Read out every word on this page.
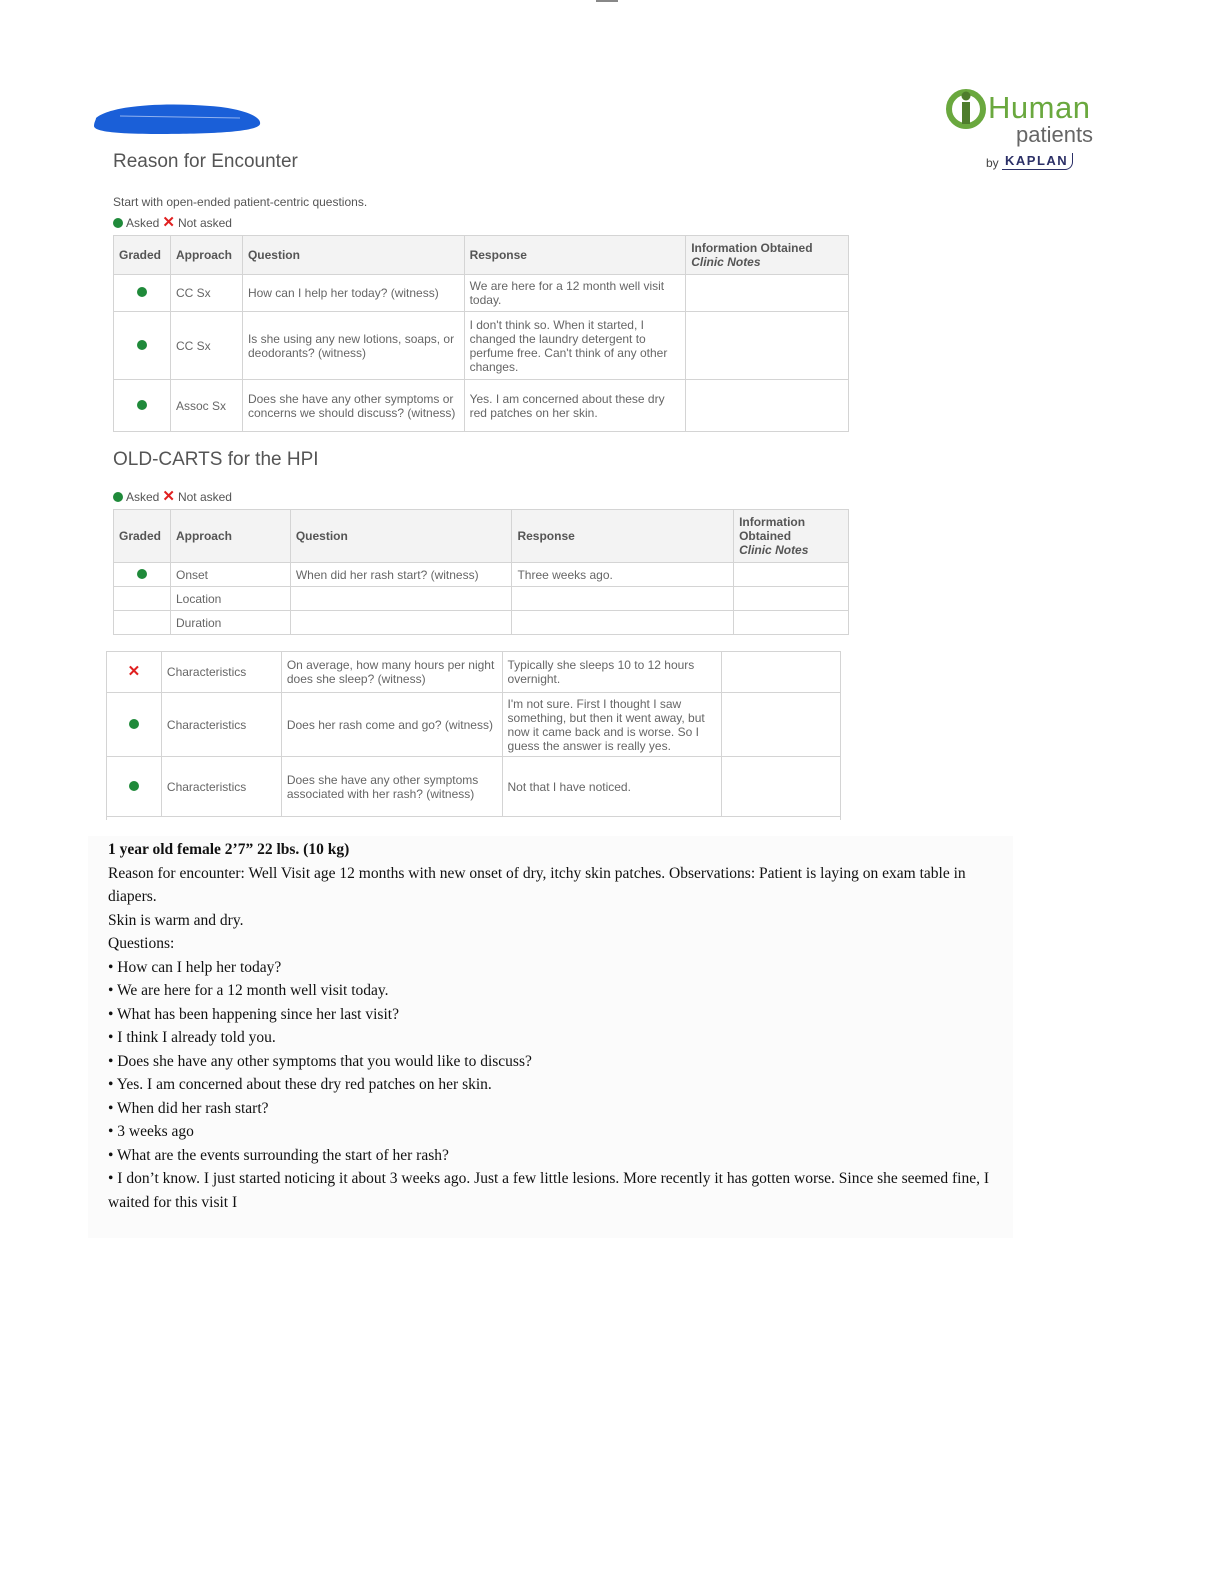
Human
patients
by KAPLAN
Reason for Encounter
Start with open-ended patient-centric questions.
Asked ✕ Not asked
Graded	Approach	Question	Response	Information Obtained
Clinic Notes
	CC Sx	How can I help her today? (witness)	We are here for a 12 month well visit today.	
	CC Sx	Is she using any new lotions, soaps, or deodorants? (witness)	I don't think so. When it started, I changed the laundry detergent to perfume free. Can't think of any other changes.	
	Assoc Sx	Does she have any other symptoms or concerns we should discuss? (witness)	Yes. I am concerned about these dry red patches on her skin.	
OLD-CARTS for the HPI
Asked ✕ Not asked
Graded	Approach	Question	Response	Information Obtained
Clinic Notes
	Onset	When did her rash start? (witness)	Three weeks ago.	
	Location			
	Duration			
✕	Characteristics	On average, how many hours per night does she sleep? (witness)	Typically she sleeps 10 to 12 hours overnight.	
	Characteristics	Does her rash come and go? (witness)	I'm not sure. First I thought I saw something, but then it went away, but now it came back and is worse. So I guess the answer is really yes.	
	Characteristics	Does she have any other symptoms associated with her rash? (witness)	Not that I have noticed.	

1 year old female 2’7” 22 lbs. (10 kg)

Reason for encounter: Well Visit age 12 months with new onset of dry, itchy skin patches. Observations: Patient is laying on exam table in diapers.

Skin is warm and dry.

Questions:

• How can I help her today?

• We are here for a 12 month well visit today.

• What has been happening since her last visit?

• I think I already told you.

• Does she have any other symptoms that you would like to discuss?

• Yes. I am concerned about these dry red patches on her skin.

• When did her rash start?

• 3 weeks ago

• What are the events surrounding the start of her rash?

• I don’t know. I just started noticing it about 3 weeks ago. Just a few little lesions. More recently it has gotten worse. Since she seemed fine, I waited for this visit I
